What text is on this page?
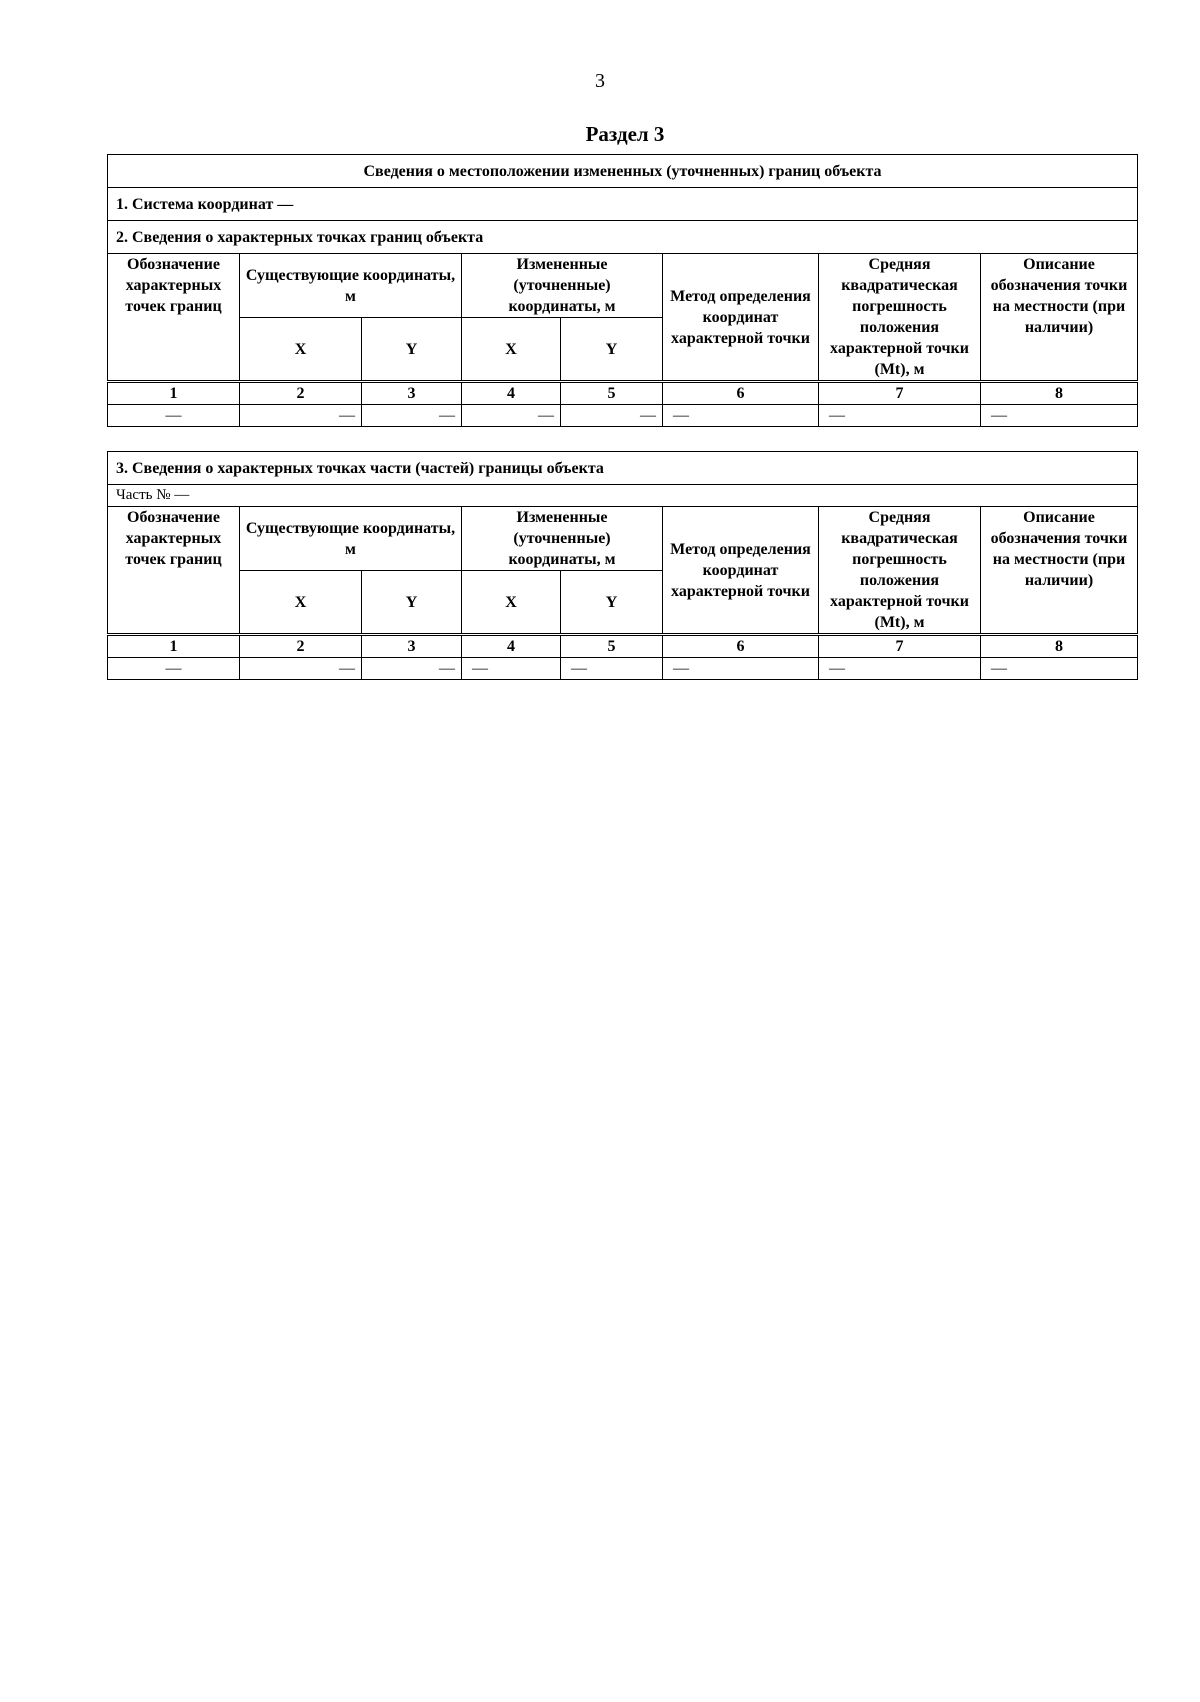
3
Раздел 3
Сведения о местоположении измененных (уточненных) границ объекта							
1. Система координат —							
2. Сведения о характерных точках границ объекта							
Обозначение характерных точек границ	Существующие координаты, м		Измененные (уточненные) координаты, м		Метод определения координат характерной точки	Средняя квадратическая погрешность положения характерной точки (Mt), м	Описание обозначения точки на местности (при наличии)
	X	Y	X	Y			
1	2	3	4	5	6	7	8
—	—	—	—	—	—	—	—
3. Сведения о характерных точках части (частей) границы объекта							
Часть № —							
Обозначение характерных точек границ	Существующие координаты, м		Измененные (уточненные) координаты, м		Метод определения координат характерной точки	Средняя квадратическая погрешность положения характерной точки (Mt), м	Описание обозначения точки на местности (при наличии)
	X	Y	X	Y			
1	2	3	4	5	6	7	8
—	—	—	—	—	—	—	—
